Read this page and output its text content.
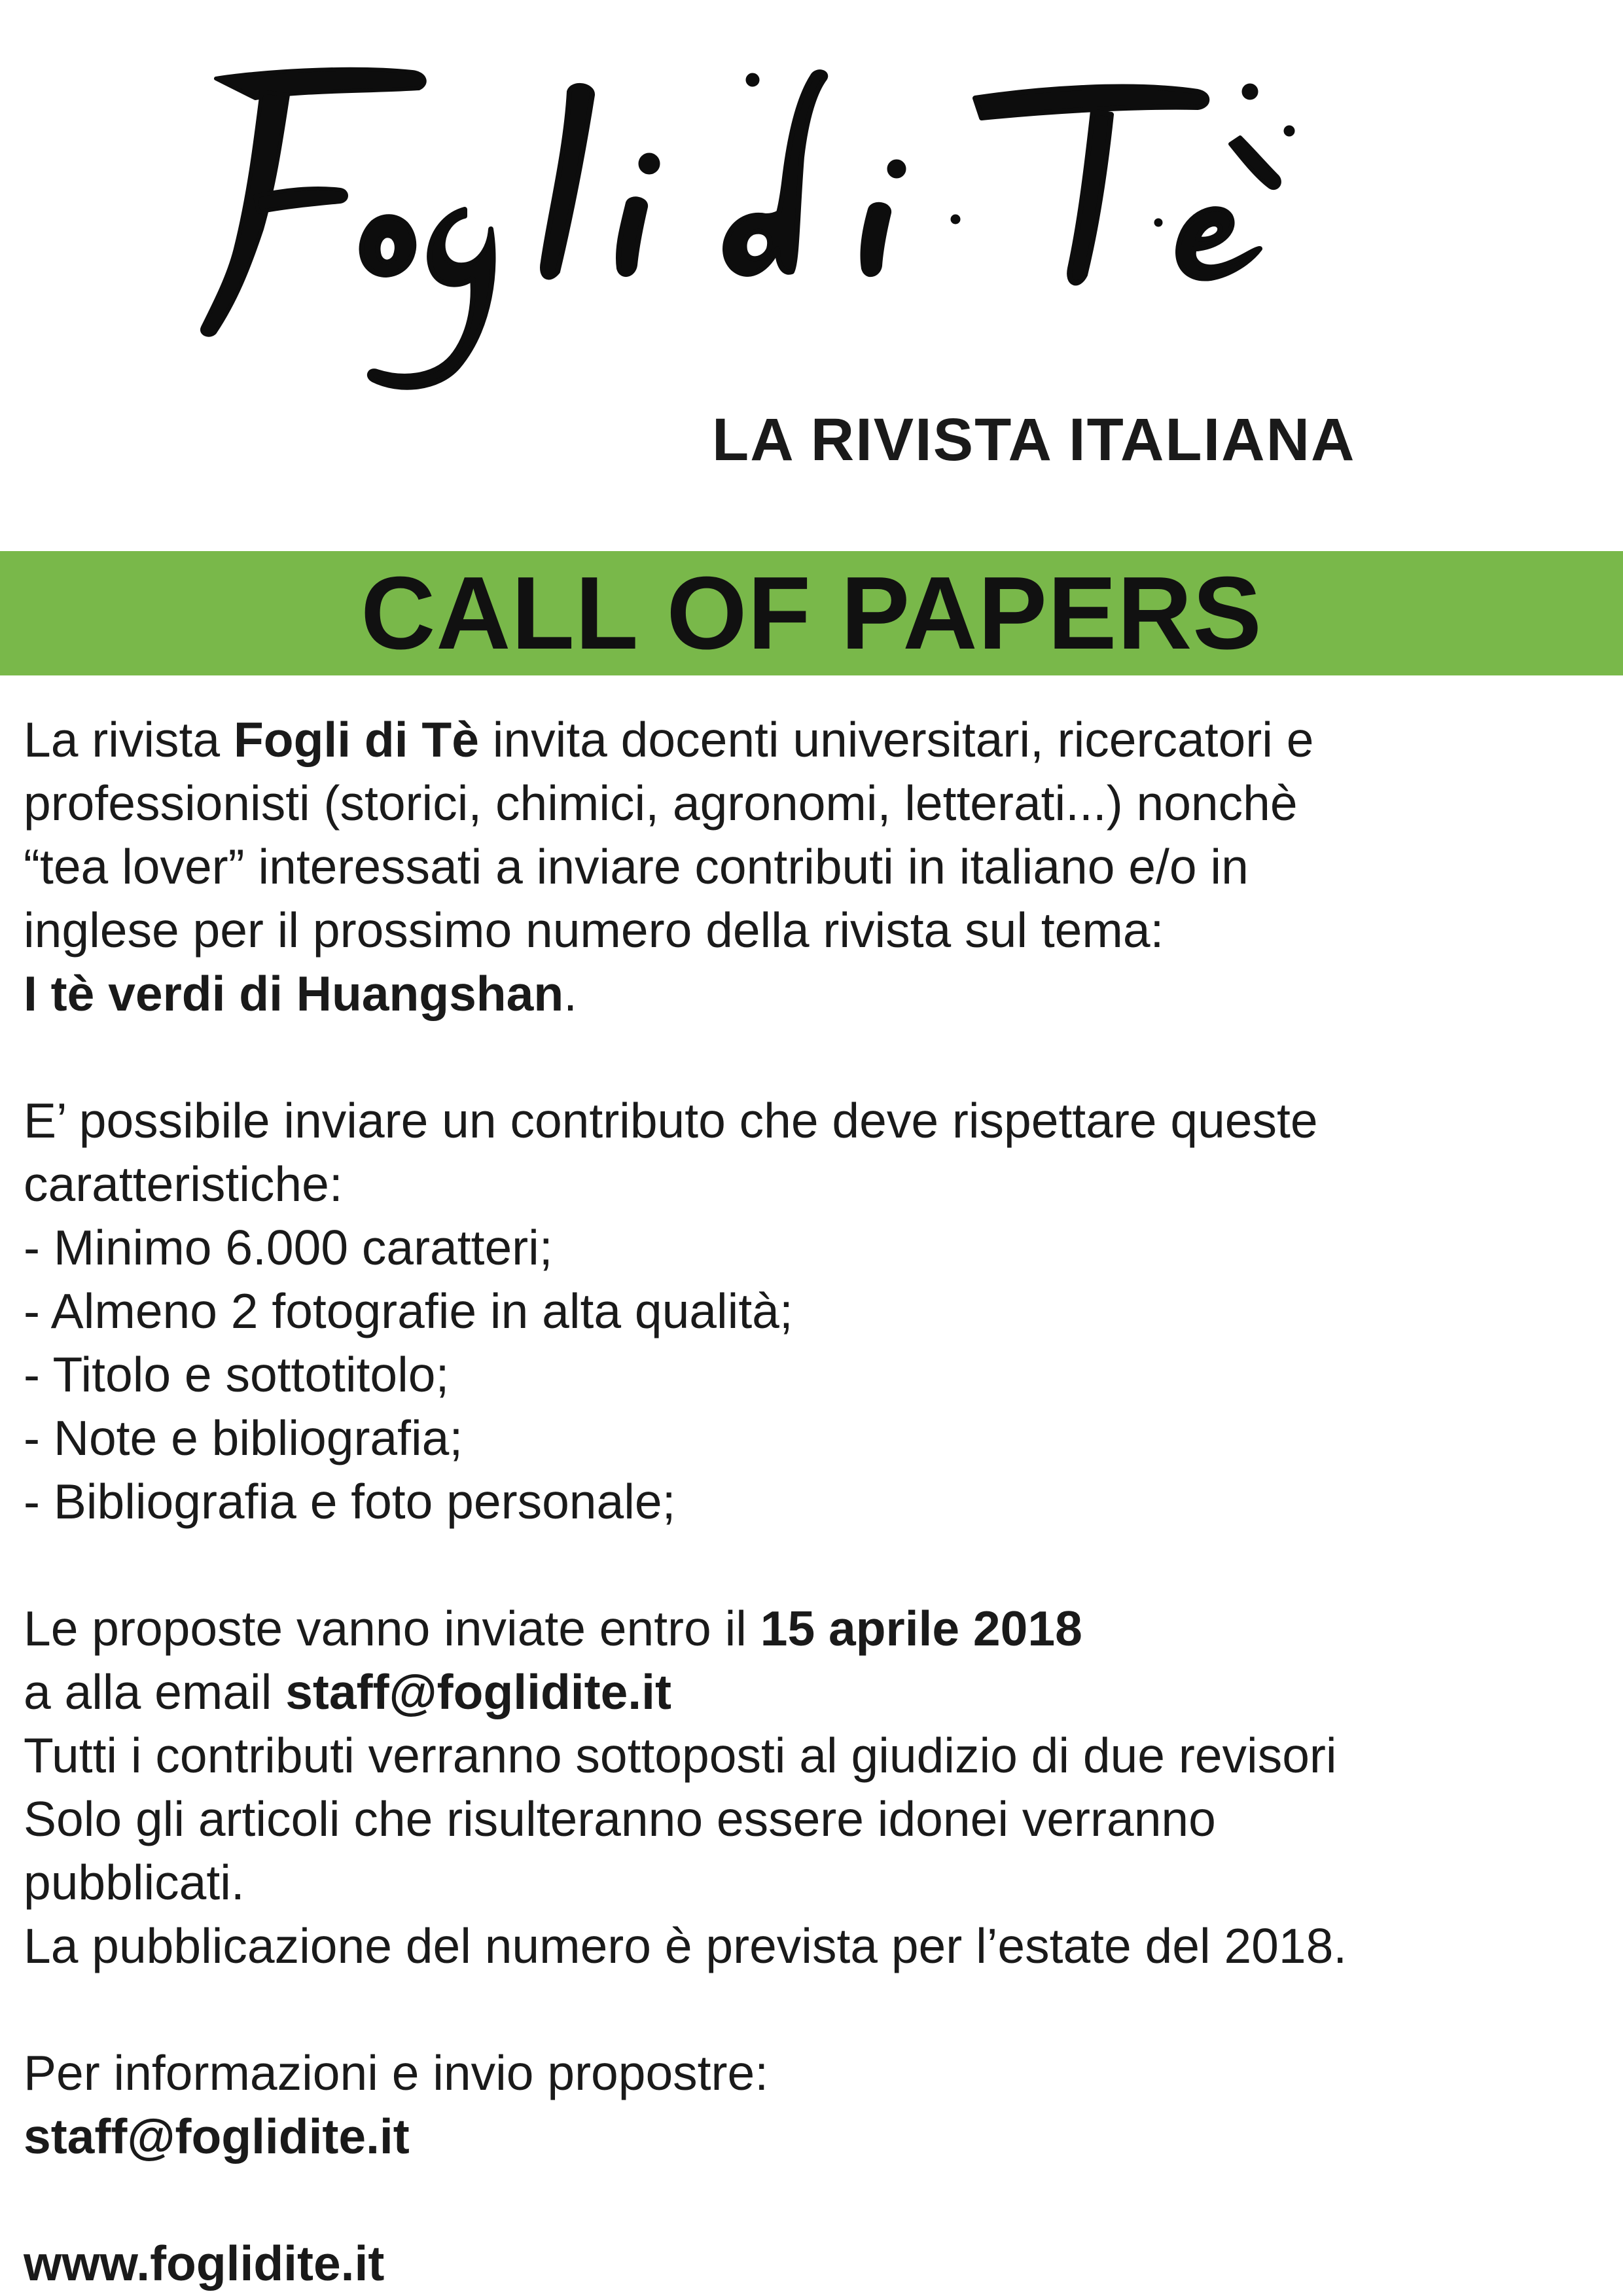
LA RIVISTA ITALIANA
CALL OF PAPERS

La rivista Fogli di Tè invita docenti universitari, ricercatori e

professionisti (storici, chimici, agronomi, letterati...) nonchè

“tea lover” interessati a inviare contributi in italiano e/o in

inglese per il prossimo numero della rivista sul tema:

I tè verdi di Huangshan.

E’ possibile inviare un contributo che deve rispettare queste

caratteristiche:

- Minimo 6.000 caratteri;

- Almeno 2 fotografie in alta qualità;

- Titolo e sottotitolo;

- Note e bibliografia;

- Bibliografia e foto personale;

Le proposte vanno inviate entro il 15 aprile 2018

a alla email staff@foglidite.it

Tutti i contributi verranno sottoposti al giudizio di due revisori

Solo gli articoli che risulteranno essere idonei verranno

pubblicati.

La pubblicazione del numero è prevista per l’estate del 2018.

Per informazioni e invio propostre:

staff@foglidite.it

www.foglidite.it
